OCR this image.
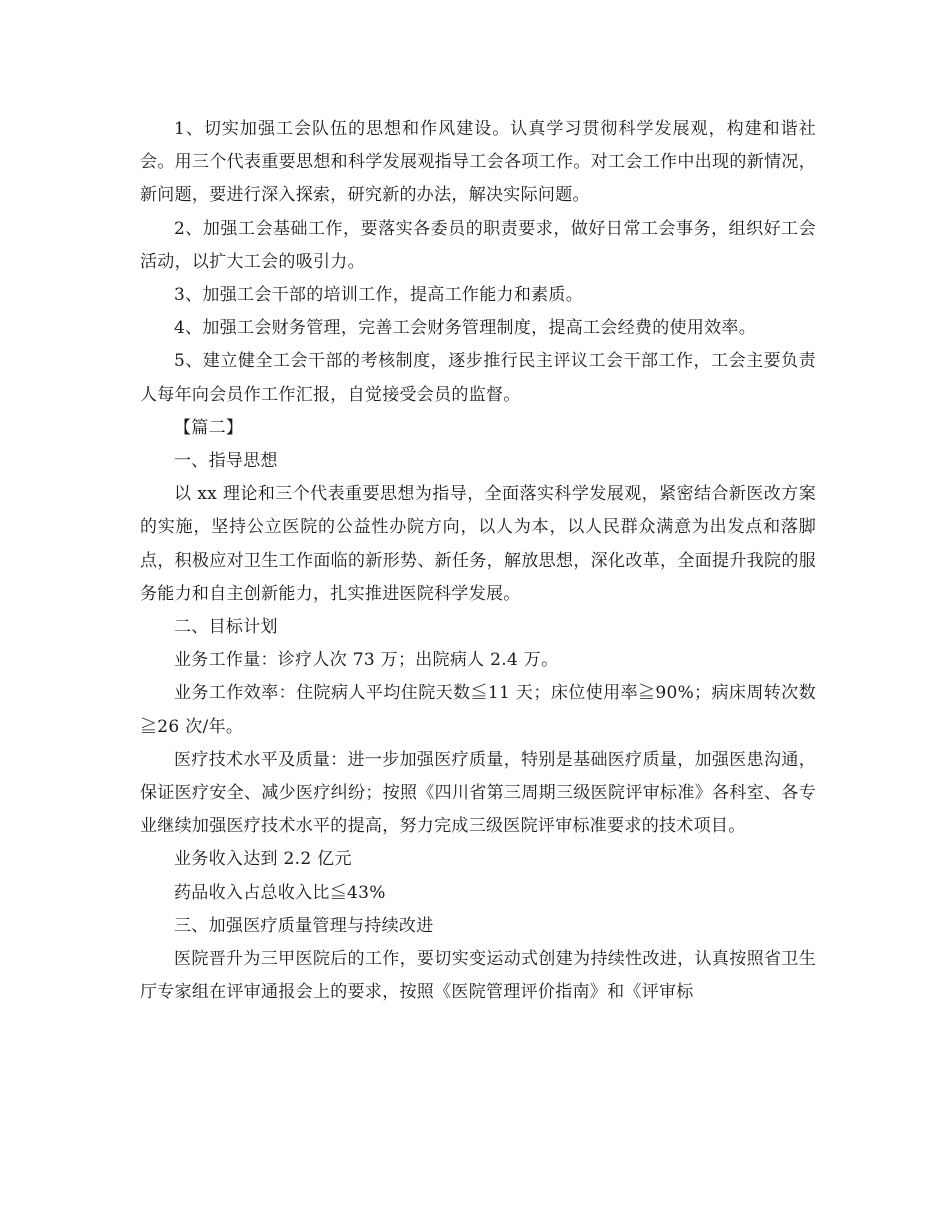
1、切实加强工会队伍的思想和作风建设。认真学习贯彻科学发展观，构建和谐社会。用三个代表重要思想和科学发展观指导工会各项工作。对工会工作中出现的新情况，新问题，要进行深入探索，研究新的办法，解决实际问题。

2、加强工会基础工作，要落实各委员的职责要求，做好日常工会事务，组织好工会活动，以扩大工会的吸引力。

3、加强工会干部的培训工作，提高工作能力和素质。

4、加强工会财务管理，完善工会财务管理制度，提高工会经费的使用效率。

5、建立健全工会干部的考核制度，逐步推行民主评议工会干部工作，工会主要负责人每年向会员作工作汇报，自觉接受会员的监督。

【篇二】

一、指导思想

以 xx 理论和三个代表重要思想为指导，全面落实科学发展观，紧密结合新医改方案的实施，坚持公立医院的公益性办院方向，以人为本，以人民群众满意为出发点和落脚点，积极应对卫生工作面临的新形势、新任务，解放思想，深化改革，全面提升我院的服务能力和自主创新能力，扎实推进医院科学发展。

二、目标计划

业务工作量：诊疗人次 73 万；出院病人 2.4 万。

业务工作效率：住院病人平均住院天数≦11 天；床位使用率≧90%；病床周转次数≧26 次/年。

医疗技术水平及质量：进一步加强医疗质量，特别是基础医疗质量，加强医患沟通，保证医疗安全、减少医疗纠纷；按照《四川省第三周期三级医院评审标准》各科室、各专业继续加强医疗技术水平的提高，努力完成三级医院评审标准要求的技术项目。

业务收入达到 2.2 亿元

药品收入占总收入比≦43%

三、加强医疗质量管理与持续改进

医院晋升为三甲医院后的工作，要切实变运动式创建为持续性改进，认真按照省卫生厅专家组在评审通报会上的要求，按照《医院管理评价指南》和《评审标
